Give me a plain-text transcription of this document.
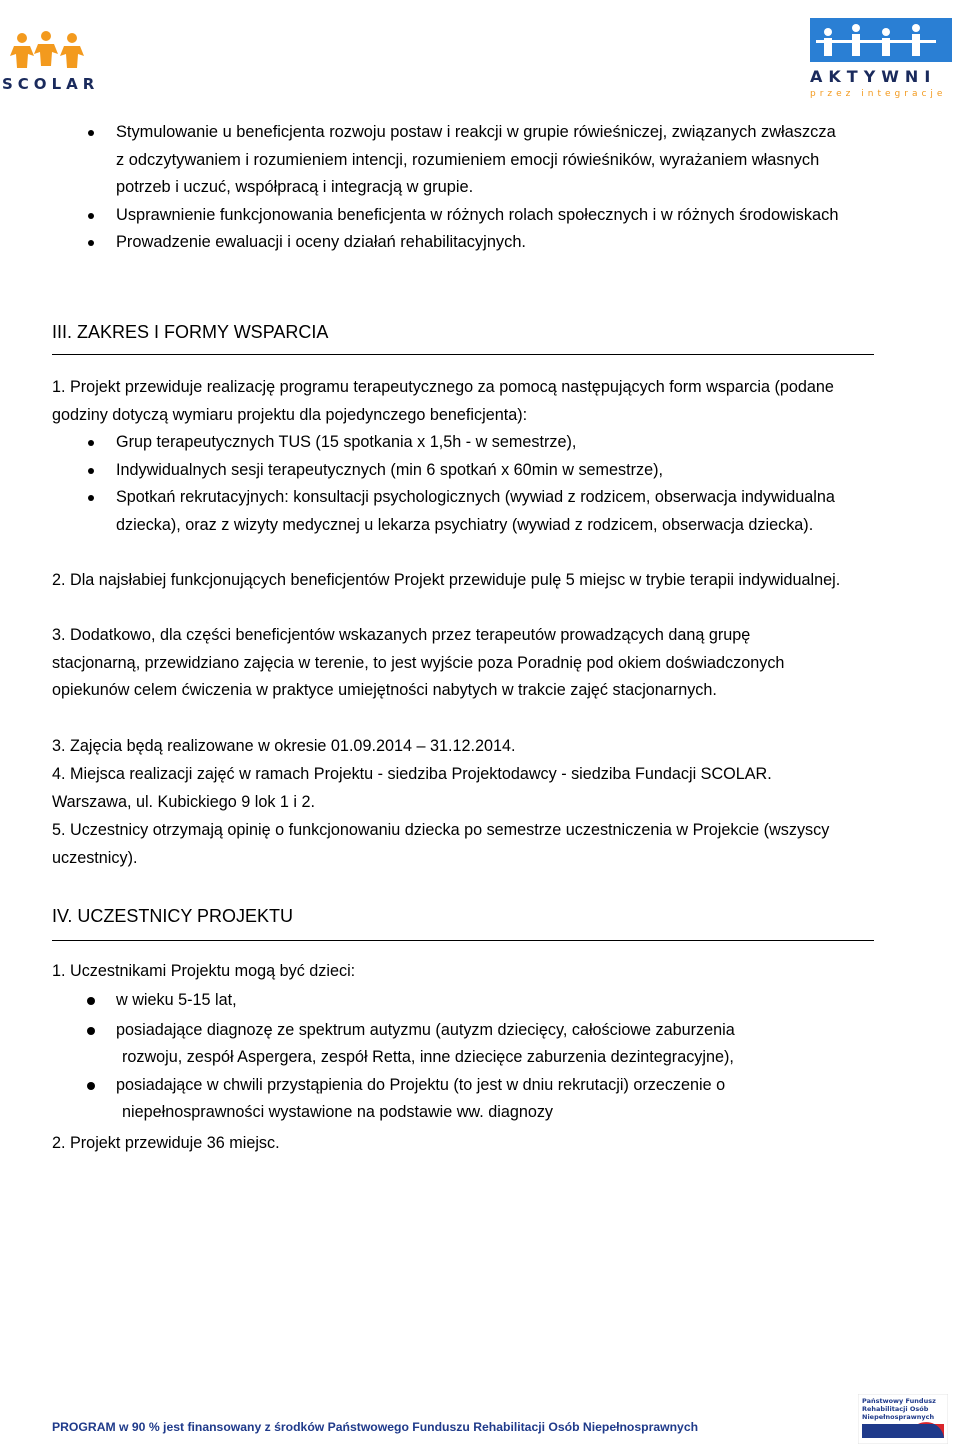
SCOLAR	AKTYWNI
przez integracje
Stymulowanie u beneficjenta rozwoju postaw i reakcji w grupie rówieśniczej, związanych zwłaszcza z odczytywaniem i rozumieniem intencji, rozumieniem emocji rówieśników, wyrażaniem własnych potrzeb i uczuć, współpracą i integracją w grupie.
Usprawnienie funkcjonowania beneficjenta w różnych rolach społecznych i w różnych środowiskach
Prowadzenie ewaluacji i oceny działań rehabilitacyjnych.
III. ZAKRES I FORMY WSPARCIA

1. Projekt przewiduje realizację programu terapeutycznego za pomocą następujących form wsparcia (podane godziny dotyczą wymiaru projektu dla pojedynczego beneficjenta):

Grup terapeutycznych TUS (15 spotkania x 1,5h - w semestrze),
Indywidualnych sesji terapeutycznych (min 6 spotkań x 60min w semestrze),
Spotkań rekrutacyjnych: konsultacji psychologicznych (wywiad z rodzicem, obserwacja indywidualna dziecka), oraz z wizyty medycznej u lekarza psychiatry (wywiad z rodzicem, obserwacja dziecka).

2. Dla najsłabiej funkcjonujących beneficjentów Projekt przewiduje pulę 5 miejsc w trybie terapii indywidualnej.

3. Dodatkowo, dla części beneficjentów wskazanych przez terapeutów prowadzących daną grupę stacjonarną, przewidziano zajęcia w terenie, to jest wyjście poza Poradnię pod okiem doświadczonych opiekunów celem ćwiczenia w praktyce umiejętności nabytych w trakcie zajęć stacjonarnych.

3. Zajęcia będą realizowane w okresie 01.09.2014 – 31.12.2014.

4. Miejsca realizacji zajęć w ramach Projektu - siedziba Projektodawcy - siedziba Fundacji SCOLAR. Warszawa, ul. Kubickiego 9 lok 1 i 2.

5. Uczestnicy otrzymają opinię o funkcjonowaniu dziecka po semestrze uczestniczenia w Projekcie (wszyscy uczestnicy).

IV. UCZESTNICY PROJEKTU

1. Uczestnikami Projektu mogą być dzieci:

w wieku 5-15 lat,
posiadające diagnozę ze spektrum autyzmu (autyzm dziecięcy, całościowe zaburzenia
rozwoju, zespół Aspergera, zespół Retta, inne dziecięce zaburzenia dezintegracyjne),
posiadające w chwili przystąpienia do Projektu (to jest w dniu rekrutacji) orzeczenie o
niepełnosprawności wystawione na podstawie ww. diagnozy

2. Projekt przewiduje 36 miejsc.

PROGRAM w 90 % jest finansowany z środków Państwowego Funduszu Rehabilitacji Osób Niepełnosprawnych
Państwowy Fundusz
Rehabilitacji Osób
Niepełnosprawnych
